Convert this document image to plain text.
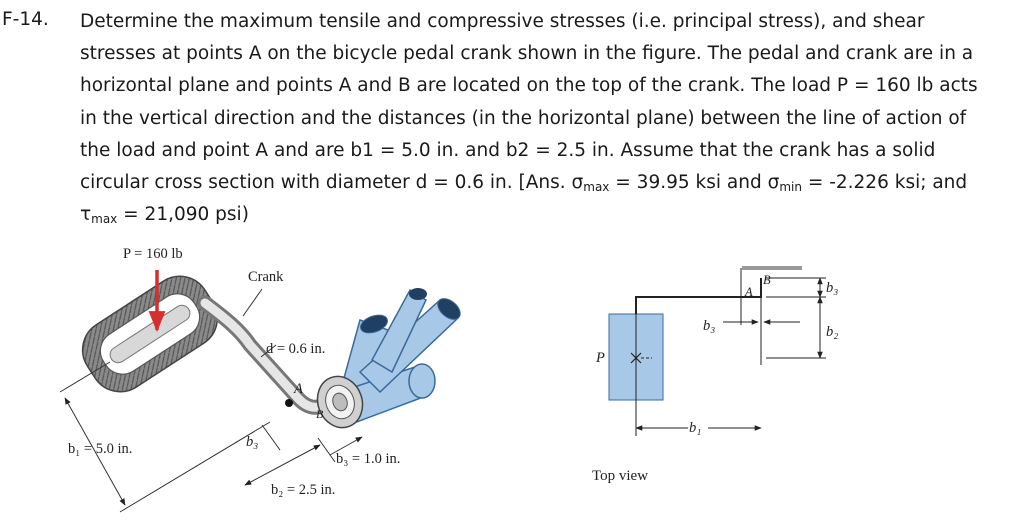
F-14. Determine the maximum tensile and compressive stresses (i.e. principal stress), and shear
stresses at points A on the bicycle pedal crank shown in the figure. The pedal and crank are in a
horizontal plane and points A and B are located on the top of the crank. The load P = 160 lb acts
in the vertical direction and the distances (in the horizontal plane) between the line of action of
the load and point A and are b1 = 5.0 in. and b2 = 2.5 in. Assume that the crank has a solid
circular cross section with diameter d = 0.6 in. [Ans. $\sigma_{max} = 39.95$ ksi and $\sigma_{min} = -2.226$ ksi; and
$\tau_{max} = 21,090$ psi)
P = 160 lb
Crank
d = 0.6 in.
A
B
b₁ = 5.0 in.	b₃
b₃ = 1.0 in.
b₂ = 2.5 in.
P
A
B	b₃
b₂
b₃
b₁
Top view
